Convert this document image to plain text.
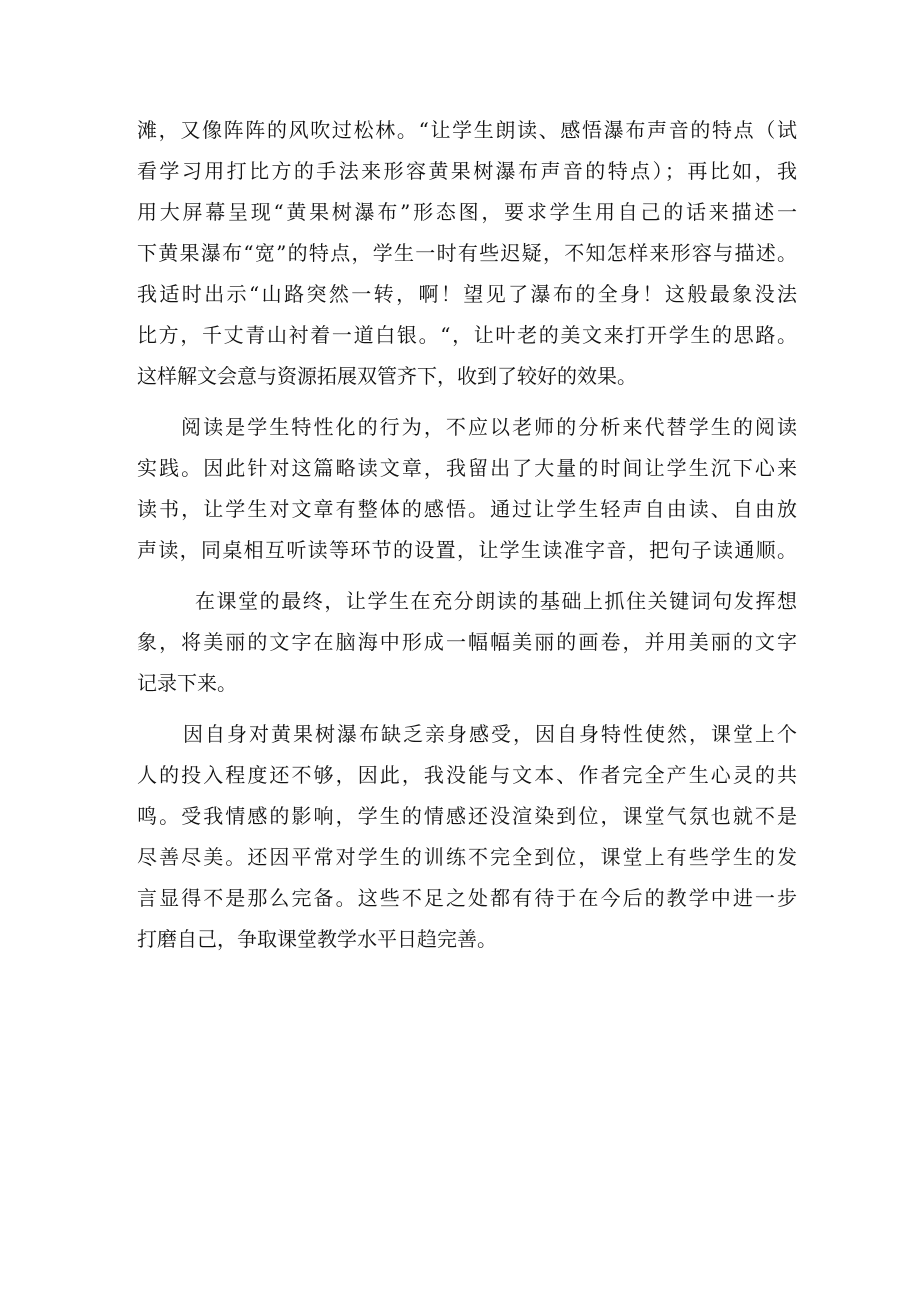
滩，又像阵阵的风吹过松林。“让学生朗读、感悟瀑布声音的特点（试
看学习用打比方的手法来形容黄果树瀑布声音的特点）；再比如，我
用大屏幕呈现“黄果树瀑布”形态图，要求学生用自己的话来描述一
下黄果瀑布“宽”的特点，学生一时有些迟疑，不知怎样来形容与描述。
我适时出示“山路突然一转，啊！望见了瀑布的全身！这般最象没法
比方，千丈青山衬着一道白银。“，让叶老的美文来打开学生的思路。
这样解文会意与资源拓展双管齐下，收到了较好的效果。
阅读是学生特性化的行为，不应以老师的分析来代替学生的阅读
实践。因此针对这篇略读文章，我留出了大量的时间让学生沉下心来
读书，让学生对文章有整体的感悟。通过让学生轻声自由读、自由放
声读，同桌相互听读等环节的设置，让学生读准字音，把句子读通顺。
在课堂的最终，让学生在充分朗读的基础上抓住关键词句发挥想
象，将美丽的文字在脑海中形成一幅幅美丽的画卷，并用美丽的文字
记录下来。
因自身对黄果树瀑布缺乏亲身感受，因自身特性使然，课堂上个
人的投入程度还不够，因此，我没能与文本、作者完全产生心灵的共
鸣。受我情感的影响，学生的情感还没渲染到位，课堂气氛也就不是
尽善尽美。还因平常对学生的训练不完全到位，课堂上有些学生的发
言显得不是那么完备。这些不足之处都有待于在今后的教学中进一步
打磨自己，争取课堂教学水平日趋完善。
